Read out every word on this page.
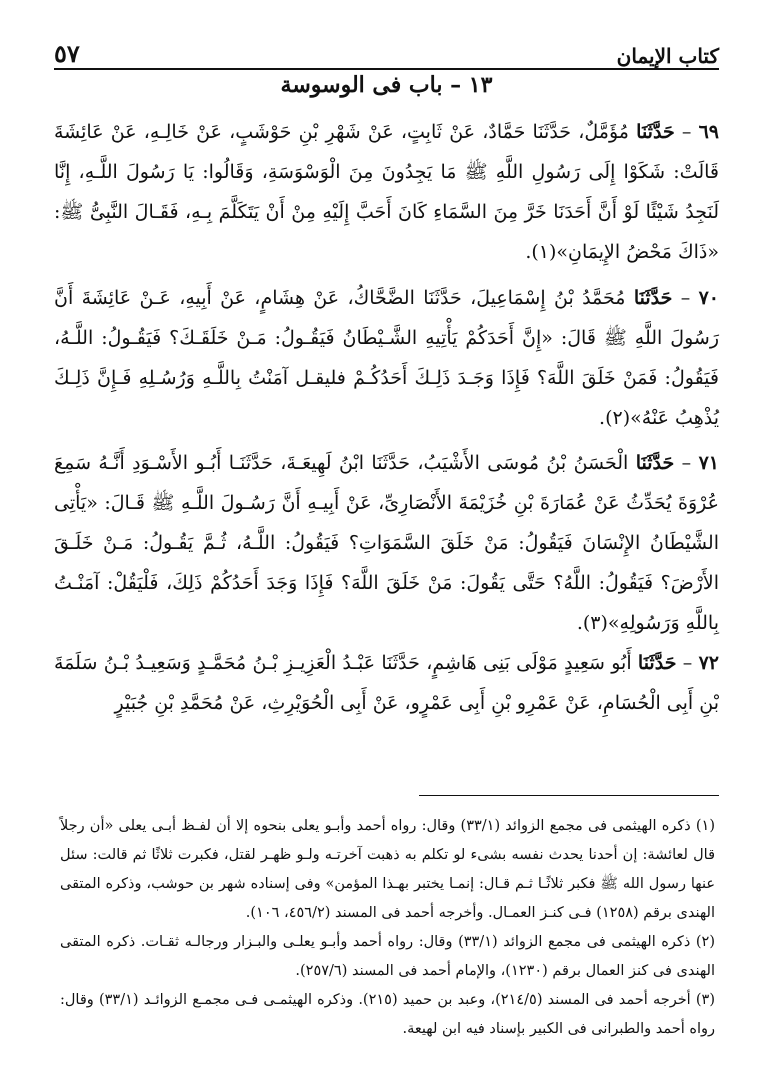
كتاب الإيمان
٥٧
١٣ – باب فى الوسوسة
٦٩ – حَدَّثَنَا مُؤَمَّلٌ، حَدَّثَنَا حَمَّادٌ، عَنْ ثَابِتٍ، عَنْ شَهْرِ بْنِ حَوْشَبٍ، عَنْ خَالِـهِ، عَنْ عَائِشَةَ قَالَتْ: شَكَوْا إِلَى رَسُولِ اللَّهِ ﷺ مَا يَجِدُونَ مِنَ الْوَسْوَسَةِ، وَقَالُوا: يَا رَسُولَ اللَّـهِ، إِنَّا لَنَجِدُ شَيْئًا لَوْ أَنَّ أَحَدَنَا خَرَّ مِنَ السَّمَاءِ كَانَ أَحَبَّ إِلَيْهِ مِنْ أَنْ يَتَكَلَّمَ بِـهِ، فَقَـالَ النَّبِىُّ ﷺ: «ذَاكَ مَحْضُ الإِيمَانِ»(١).
٧٠ – حَدَّثَنَا مُحَمَّدُ بْنُ إِسْمَاعِيلَ، حَدَّثَنَا الضَّحَّاكُ، عَنْ هِشَامٍ، عَنْ أَبِيهِ، عَـنْ عَائِشَةَ أَنَّ رَسُولَ اللَّهِ ﷺ قَالَ: «إِنَّ أَحَدَكُمْ يَأْتِيهِ الشَّـيْطَانُ فَيَقُـولُ: مَـنْ خَلَقَـكَ؟ فَيَقُـولُ: اللَّـهُ، فَيَقُولُ: فَمَنْ خَلَقَ اللَّهَ؟ فَإِذَا وَجَـدَ ذَلِـكَ أَحَدُكُـمْ فليقـل آمَنْتُ بِاللَّـهِ وَرُسُـلِهِ فَـإِنَّ ذَلِـكَ يُذْهِبُ عَنْهُ»(٢).
٧١ – حَدَّثَنَا الْحَسَنُ بْنُ مُوسَى الأَشْيَبُ، حَدَّثَنَا ابْنُ لَهِيعَـةَ، حَدَّثَنَـا أَبُـو الأَسْـوَدِ أَنَّـهُ سَمِعَ عُرْوَةَ يُحَدِّثُ عَنْ عُمَارَةَ بْنِ خُزَيْمَةَ الأَنْصَارِىِّ، عَنْ أَبِيـهِ أَنَّ رَسُـولَ اللَّـهِ ﷺ قَـالَ: «يَأْتِى الشَّيْطَانُ الإِنْسَانَ فَيَقُولُ: مَنْ خَلَقَ السَّمَوَاتِ؟ فَيَقُولُ: اللَّـهُ، ثُـمَّ يَقُـولُ: مَـنْ خَلَـقَ الأَرْضَ؟ فَيَقُولُ: اللَّهُ؟ حَتَّى يَقُولَ: مَنْ خَلَقَ اللَّهَ؟ فَإِذَا وَجَدَ أَحَدُكُمْ ذَلِكَ، فَلْيَقُلْ: آمَنْـتُ بِاللَّهِ وَرَسُولِهِ»(٣).
٧٢ – حَدَّثَنَا أَبُو سَعِيدٍ مَوْلَى بَنِى هَاشِمٍ، حَدَّثَنَا عَبْـدُ الْعَزِيـزِ بْـنُ مُحَمَّـدٍ وَسَعِيـدُ بْـنُ سَلَمَةَ بْنِ أَبِى الْحُسَامِ، عَنْ عَمْرِو بْنِ أَبِى عَمْرٍو، عَنْ أَبِى الْحُوَيْرِثِ، عَنْ مُحَمَّدِ بْنِ جُبَيْرٍ

(١) ذكره الهيثمى فى مجمع الزوائد (٣٣/١) وقال: رواه أحمد وأبـو يعلى بنحوه إلا أن لفـظ أبـى يعلى «أن رجلاً قال لعائشة: إن أحدنا يحدث نفسه بشىء لو تكلم به ذهبت آخرتـه ولـو ظهـر لقتل، فكبرت ثلاثًا ثم قالت: سئل عنها رسول الله ﷺ فكبر ثلاثًـا ثـم قـال: إنمـا يختبر بهـذا المؤمن» وفى إسناده شهر بن حوشب، وذكره المتقى الهندى برقم (١٢٥٨) فـى كنـز العمـال. وأخرجه أحمد فى المسند (٤٥٦/٢، ١٠٦).

(٢) ذكره الهيثمى فى مجمع الزوائد (٣٣/١) وقال: رواه أحمد وأبـو يعلـى والبـزار ورجالـه ثقـات. ذكره المتقى الهندى فى كنز العمال برقم (١٢٣٠)، والإمام أحمد فى المسند (٢٥٧/٦).

(٣) أخرجه أحمد فى المسند (٢١٤/٥)، وعبد بن حميد (٢١٥). وذكره الهيثمـى فـى مجمـع الزوائـد (٣٣/١) وقال: رواه أحمد والطبرانى فى الكبير بإسناد فيه ابن لهيعة.
